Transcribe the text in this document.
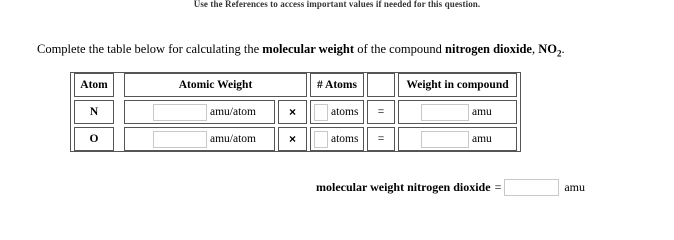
Use the References to access important values if needed for this question.
Complete the table below for calculating the molecular weight of the compound nitrogen dioxide, $NO_2$.
Atom		Atomic Weight		# Atoms		Weight in compound

N		amu/atom	×	atoms	=	amu

O		amu/atom	×	atoms	=	amu
molecular weight nitrogen dioxide =	amu
